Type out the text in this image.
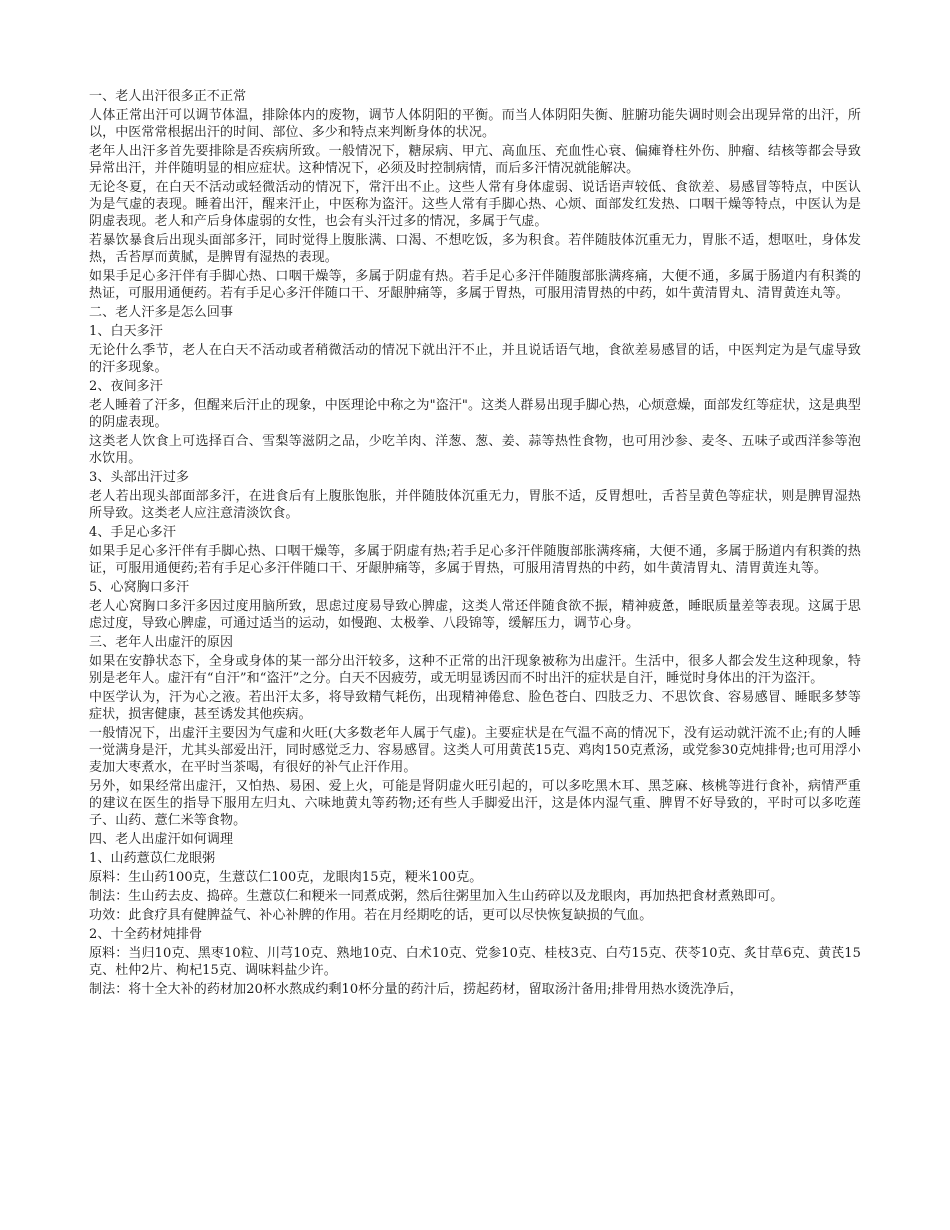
一、老人出汗很多正不正常

人体正常出汗可以调节体温，排除体内的废物，调节人体阴阳的平衡。而当人体阴阳失衡、脏腑功能失调时则会出现异常的出汗，所以，中医常常根据出汗的时间、部位、多少和特点来判断身体的状况。

老年人出汗多首先要排除是否疾病所致。一般情况下，糖尿病、甲亢、高血压、充血性心衰、偏瘫脊柱外伤、肿瘤、结核等都会导致异常出汗，并伴随明显的相应症状。这种情况下，必须及时控制病情，而后多汗情况就能解决。

无论冬夏，在白天不活动或轻微活动的情况下，常汗出不止。这些人常有身体虚弱、说话语声较低、食欲差、易感冒等特点，中医认为是气虚的表现。睡着出汗，醒来汗止，中医称为盗汗。这些人常有手脚心热、心烦、面部发红发热、口咽干燥等特点，中医认为是阴虚表现。老人和产后身体虚弱的女性，也会有头汗过多的情况，多属于气虚。

若暴饮暴食后出现头面部多汗，同时觉得上腹胀满、口渴、不想吃饭，多为积食。若伴随肢体沉重无力，胃胀不适，想呕吐，身体发热，舌苔厚而黄腻，是脾胃有湿热的表现。

如果手足心多汗伴有手脚心热、口咽干燥等，多属于阴虚有热。若手足心多汗伴随腹部胀满疼痛，大便不通，多属于肠道内有积粪的热证，可服用通便药。若有手足心多汗伴随口干、牙龈肿痛等，多属于胃热，可服用清胃热的中药，如牛黄清胃丸、清胃黄连丸等。

二、老人汗多是怎么回事

1、白天多汗

无论什么季节，老人在白天不活动或者稍微活动的情况下就出汗不止，并且说话语气地，食欲差易感冒的话，中医判定为是气虚导致的汗多现象。

2、夜间多汗

老人睡着了汗多，但醒来后汗止的现象，中医理论中称之为"盗汗"。这类人群易出现手脚心热，心烦意燥，面部发红等症状，这是典型的阴虚表现。

这类老人饮食上可选择百合、雪梨等滋阴之品，少吃羊肉、洋葱、葱、姜、蒜等热性食物，也可用沙参、麦冬、五味子或西洋参等泡水饮用。

3、头部出汗过多

老人若出现头部面部多汗，在进食后有上腹胀饱胀，并伴随肢体沉重无力，胃胀不适，反胃想吐，舌苔呈黄色等症状，则是脾胃湿热所导致。这类老人应注意清淡饮食。

4、手足心多汗

如果手足心多汗伴有手脚心热、口咽干燥等，多属于阴虚有热;若手足心多汗伴随腹部胀满疼痛，大便不通，多属于肠道内有积粪的热证，可服用通便药;若有手足心多汗伴随口干、牙龈肿痛等，多属于胃热，可服用清胃热的中药，如牛黄清胃丸、清胃黄连丸等。

5、心窝胸口多汗

老人心窝胸口多汗多因过度用脑所致，思虑过度易导致心脾虚，这类人常还伴随食欲不振，精神疲惫，睡眠质量差等表现。这属于思虑过度，导致心脾虚，可通过适当的运动，如慢跑、太极拳、八段锦等，缓解压力，调节心身。

三、老年人出虚汗的原因

如果在安静状态下，全身或身体的某一部分出汗较多，这种不正常的出汗现象被称为出虚汗。生活中，很多人都会发生这种现象，特别是老年人。虚汗有“自汗”和“盗汗”之分。白天不因疲劳，或无明显诱因而不时出汗的症状是自汗，睡觉时身体出的汗为盗汗。

中医学认为，汗为心之液。若出汗太多，将导致精气耗伤，出现精神倦怠、脸色苍白、四肢乏力、不思饮食、容易感冒、睡眠多梦等症状，损害健康，甚至诱发其他疾病。

一般情况下，出虚汗主要因为气虚和火旺(大多数老年人属于气虚)。主要症状是在气温不高的情况下，没有运动就汗流不止;有的人睡一觉满身是汗，尤其头部爱出汗，同时感觉乏力、容易感冒。这类人可用黄芪15克、鸡肉150克煮汤，或党参30克炖排骨;也可用浮小麦加大枣煮水，在平时当茶喝，有很好的补气止汗作用。

另外，如果经常出虚汗，又怕热、易困、爱上火，可能是肾阴虚火旺引起的，可以多吃黑木耳、黑芝麻、核桃等进行食补，病情严重的建议在医生的指导下服用左归丸、六味地黄丸等药物;还有些人手脚爱出汗，这是体内湿气重、脾胃不好导致的，平时可以多吃莲子、山药、薏仁米等食物。

四、老人出虚汗如何调理

1、山药薏苡仁龙眼粥

原料：生山药100克，生薏苡仁100克，龙眼肉15克，粳米100克。

制法：生山药去皮、捣碎。生薏苡仁和粳米一同煮成粥，然后往粥里加入生山药碎以及龙眼肉，再加热把食材煮熟即可。

功效：此食疗具有健脾益气、补心补脾的作用。若在月经期吃的话，更可以尽快恢复缺损的气血。

2、十全药材炖排骨

原料：当归10克、黑枣10粒、川芎10克、熟地10克、白术10克、党参10克、桂枝3克、白芍15克、茯苓10克、炙甘草6克、黄芪15克、杜仲2片、枸杞15克、调味料盐少许。

制法：将十全大补的药材加20杯水熬成约剩10杯分量的药汁后，捞起药材，留取汤汁备用;排骨用热水烫洗净后，
